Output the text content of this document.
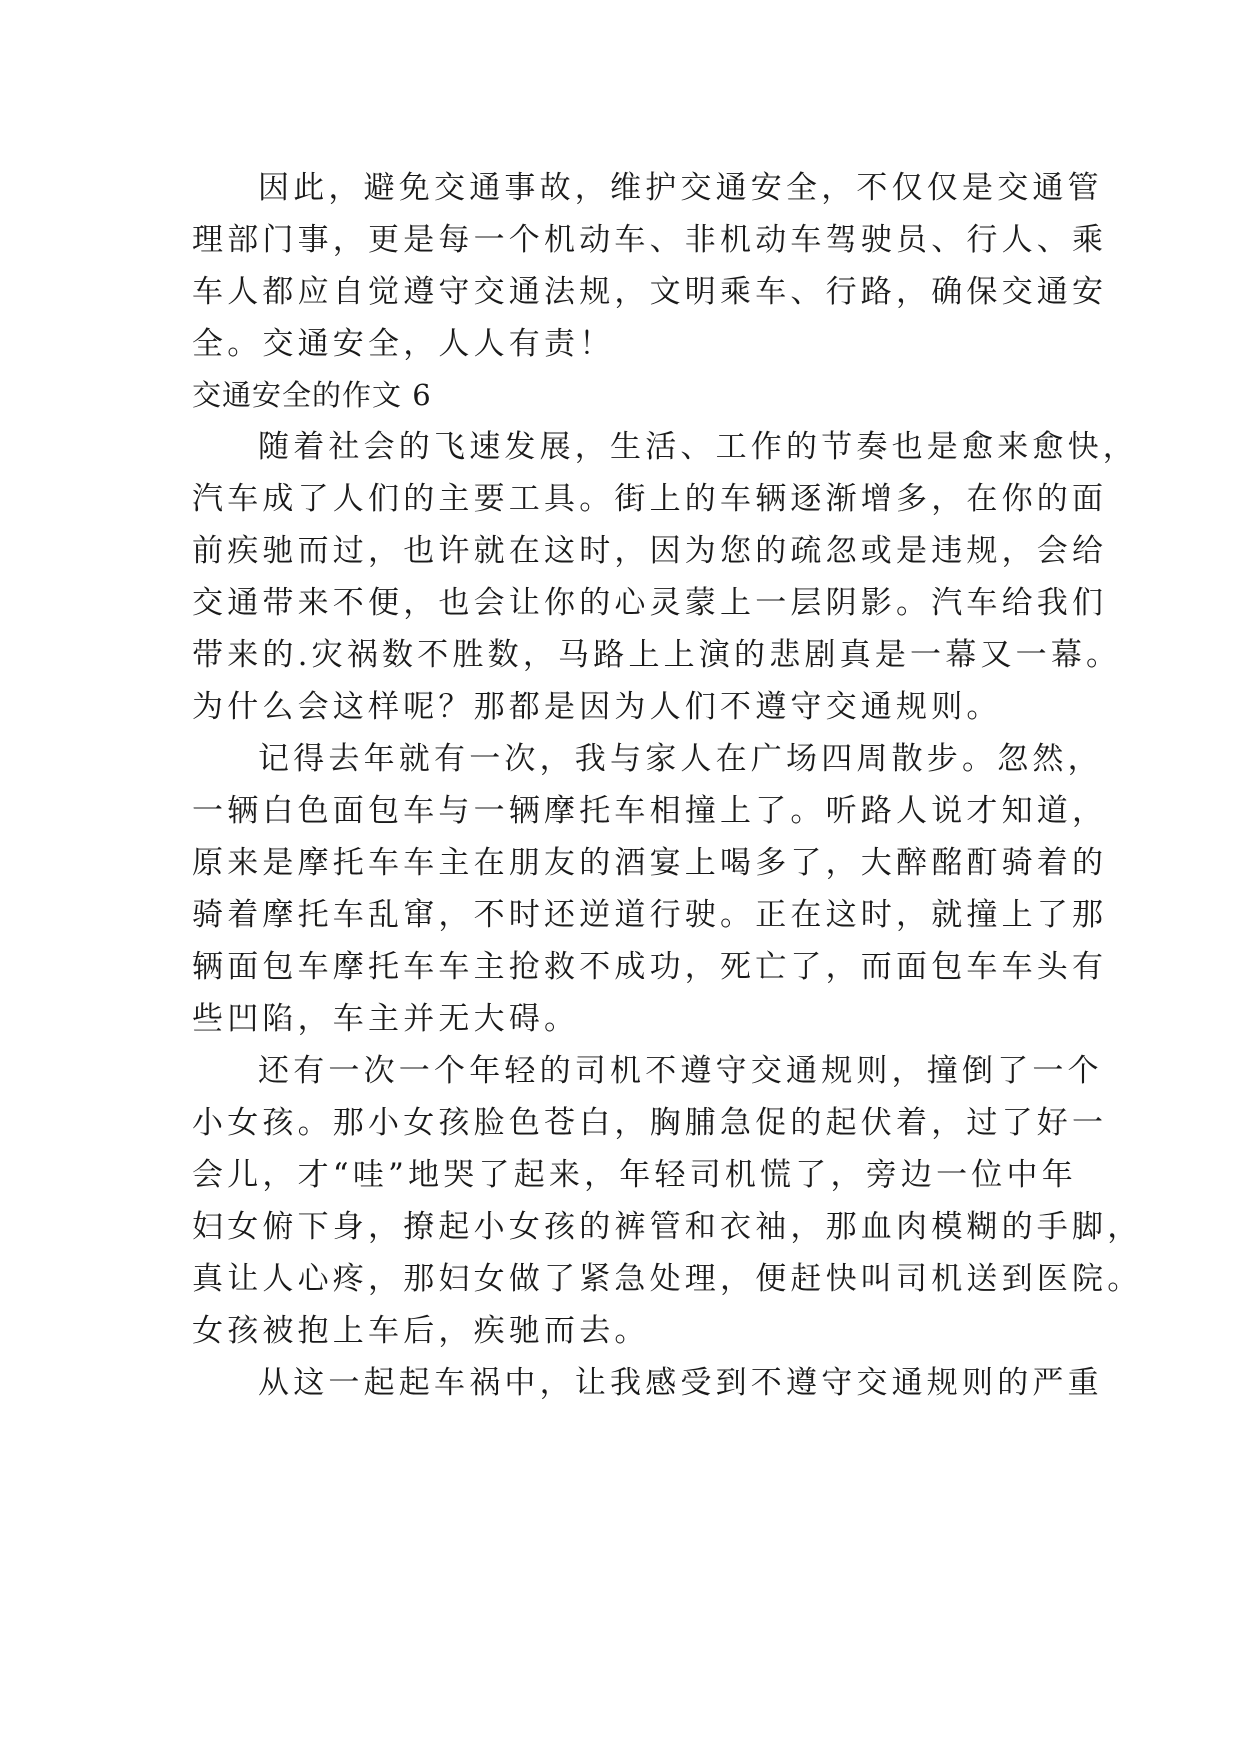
因此，避免交通事故，维护交通安全，不仅仅是交通管
理部门事，更是每一个机动车、非机动车驾驶员、行人、乘
车人都应自觉遵守交通法规，文明乘车、行路，确保交通安
全。交通安全，人人有责！
交通安全的作文 6
随着社会的飞速发展，生活、工作的节奏也是愈来愈快，
汽车成了人们的主要工具。街上的车辆逐渐增多，在你的面
前疾驰而过，也许就在这时，因为您的疏忽或是违规，会给
交通带来不便，也会让你的心灵蒙上一层阴影。汽车给我们
带来的.灾祸数不胜数，马路上上演的悲剧真是一幕又一幕。
为什么会这样呢？那都是因为人们不遵守交通规则。
记得去年就有一次，我与家人在广场四周散步。忽然，
一辆白色面包车与一辆摩托车相撞上了。听路人说才知道，
原来是摩托车车主在朋友的酒宴上喝多了，大醉酩酊骑着的
骑着摩托车乱窜，不时还逆道行驶。正在这时，就撞上了那
辆面包车摩托车车主抢救不成功，死亡了，而面包车车头有
些凹陷，车主并无大碍。
还有一次一个年轻的司机不遵守交通规则，撞倒了一个
小女孩。那小女孩脸色苍白，胸脯急促的起伏着，过了好一
会儿，才“哇”地哭了起来，年轻司机慌了，旁边一位中年
妇女俯下身，撩起小女孩的裤管和衣袖，那血肉模糊的手脚，
真让人心疼，那妇女做了紧急处理，便赶快叫司机送到医院。
女孩被抱上车后，疾驰而去。
从这一起起车祸中，让我感受到不遵守交通规则的严重
